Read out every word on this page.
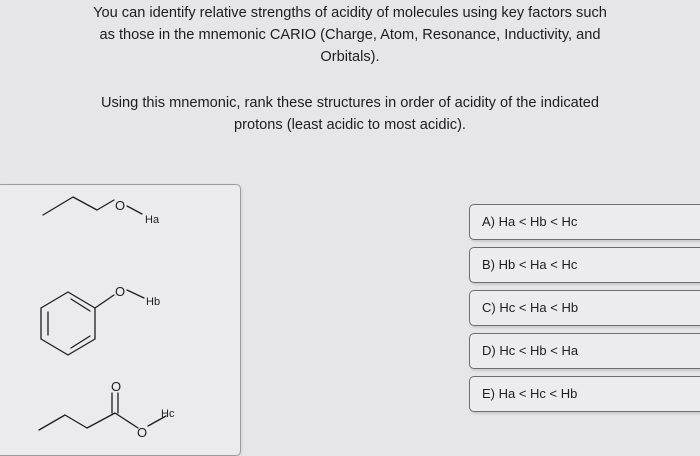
You can identify relative strengths of acidity of molecules using key factors such

as those in the mnemonic CARIO (Charge, Atom, Resonance, Inductivity, and

Orbitals).

Using this mnemonic, rank these structures in order of acidity of the indicated

protons (least acidic to most acidic).

O
Ha
O
Hb
O
O
Hc
A) Ha < Hb < Hc
B) Hb < Ha < Hc
C) Hc < Ha < Hb
D) Hc < Hb < Ha
E) Ha < Hc < Hb
